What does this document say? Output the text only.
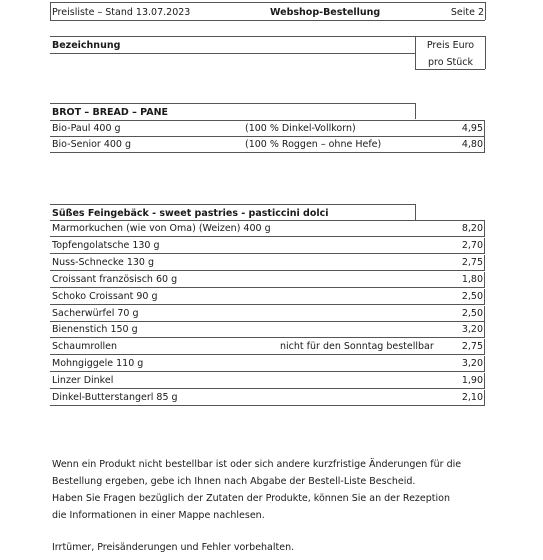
Preisliste – Stand 13.07.2023	Webshop-Bestellung	Seite 2
Bezeichnung	Preis Euro
pro Stück
BROT – BREAD – PANE
Bio-Paul 400 g	(100 % Dinkel-Vollkorn)	4,95
Bio-Senior 400 g	(100 % Roggen – ohne Hefe)	4,80
Süßes Feingebäck - sweet pastries - pasticcini dolci
Marmorkuchen (wie von Oma) (Weizen) 400 g	8,20
Topfengolatsche 130 g	2,70
Nuss-Schnecke 130 g	2,75
Croissant französisch 60 g	1,80
Schoko Croissant 90 g	2,50
Sacherwürfel 70 g	2,50
Bienenstich 150 g	3,20
Schaumrollen	nicht für den Sonntag bestellbar	2,75
Mohngiggele 110 g	3,20
Linzer Dinkel	1,90
Dinkel-Butterstangerl 85 g	2,10

Wenn ein Produkt nicht bestellbar ist oder sich andere kurzfristige Änderungen für die

Bestellung ergeben, gebe ich Ihnen nach Abgabe der Bestell-Liste Bescheid.

Haben Sie Fragen bezüglich der Zutaten der Produkte, können Sie an der Rezeption

die Informationen in einer Mappe nachlesen.

Irrtümer, Preisänderungen und Fehler vorbehalten.
